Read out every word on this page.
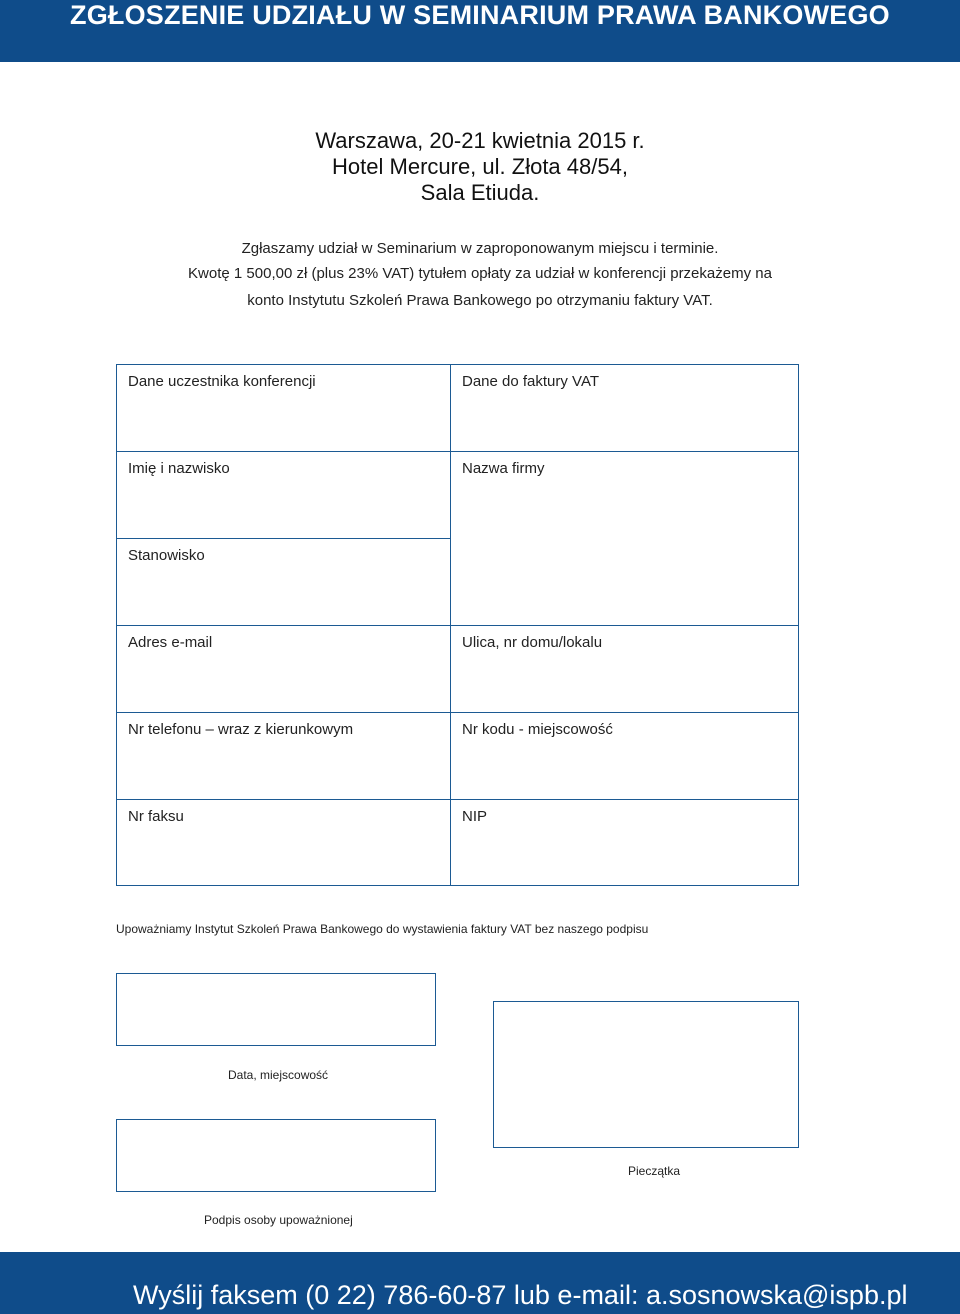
ZGŁOSZENIE UDZIAŁU W SEMINARIUM PRAWA BANKOWEGO
Warszawa, 20-21 kwietnia 2015 r.
Hotel Mercure, ul. Złota 48/54,
Sala Etiuda.
Zgłaszamy udział w Seminarium w zaproponowanym miejscu i terminie.
Kwotę 1 500,00 zł (plus 23% VAT) tytułem opłaty za udział w konferencji przekażemy na
konto Instytutu Szkoleń Prawa Bankowego po otrzymaniu faktury VAT.
Dane uczestnika konferencji
Imię i nazwisko
Stanowisko
Adres e-mail
Nr telefonu – wraz z kierunkowym
Nr faksu
Dane do faktury VAT
Nazwa firmy
Ulica, nr domu/lokalu
Nr kodu - miejscowość
NIP
Upoważniamy Instytut Szkoleń Prawa Bankowego do wystawienia faktury VAT bez naszego podpisu
Data, miejscowość
Podpis osoby upoważnionej
Pieczątka
Wyślij faksem (0 22) 786-60-87 lub e-mail: a.sosnowska@ispb.pl
